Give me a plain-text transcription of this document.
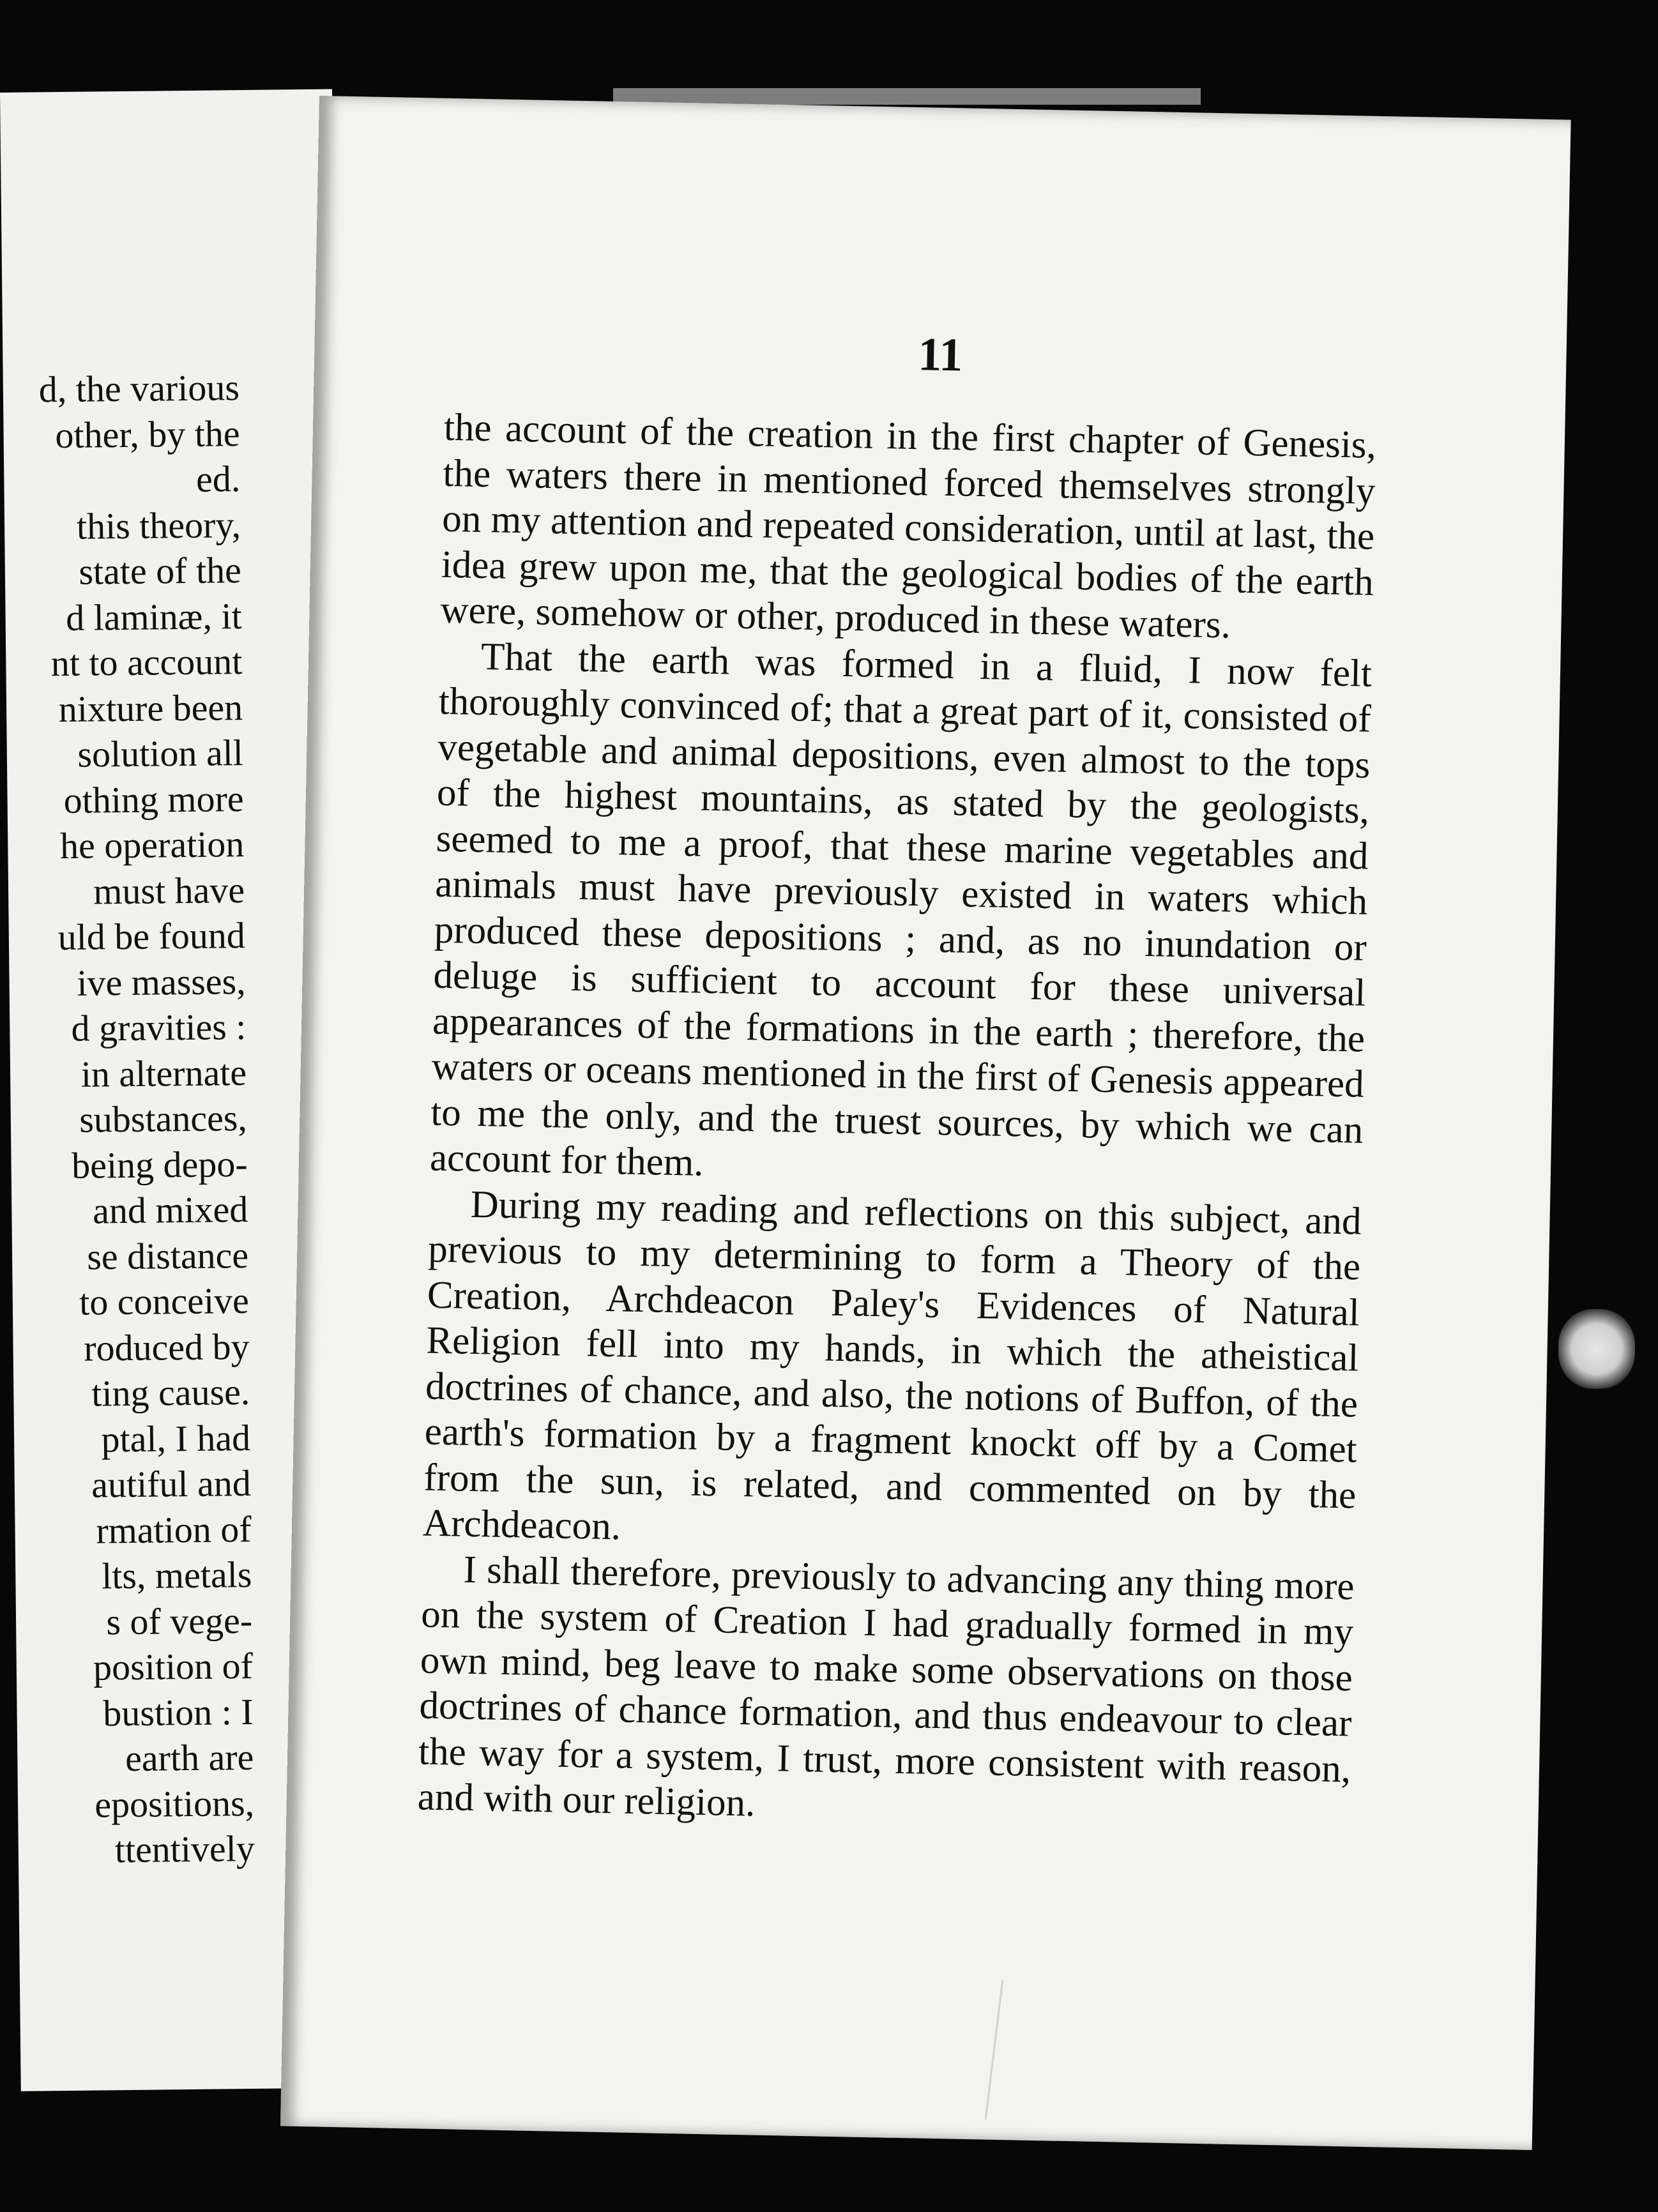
d, the various
other, by the
ed.
this theory,
state of the
d laminæ, it
nt to account
nixture been
solution all
othing more
he operation
must have
uld be found
ive masses,
d gravities :
in alternate
substances,
being depo-
and mixed
se distance
to conceive
roduced by
ting cause.
ptal, I had
autiful and
rmation of
lts, metals
s of vege-
position of
bustion : I
earth are
epositions,
ttentively
11

the account of the creation in the first chapter of Genesis, the waters there in mentioned forced themselves strongly on my attention and repeated consideration, until at last, the idea grew upon me, that the geological bodies of the earth were, somehow or other, produced in these waters.

That the earth was formed in a fluid, I now felt thoroughly convinced of; that a great part of it, consisted of vegetable and animal depositions, even almost to the tops of the highest mountains, as stated by the geologists, seemed to me a proof, that these marine vegetables and animals must have previously existed in waters which produced these depositions ; and, as no inundation or deluge is sufficient to account for these universal appearances of the formations in the earth ; therefore, the waters or oceans mentioned in the first of Genesis appeared to me the only, and the truest sources, by which we can account for them.

During my reading and reflections on this subject, and previous to my determining to form a Theory of the Creation, Archdeacon Paley's Evidences of Natural Religion fell into my hands, in which the atheistical doctrines of chance, and also, the notions of Buffon, of the earth's formation by a fragment knockt off by a Comet from the sun, is related, and commented on by the Archdeacon.

I shall therefore, previously to advancing any thing more on the system of Creation I had gradually formed in my own mind, beg leave to make some observations on those doctrines of chance formation, and thus endeavour to clear the way for a system, I trust, more consistent with reason, and with our religion.
